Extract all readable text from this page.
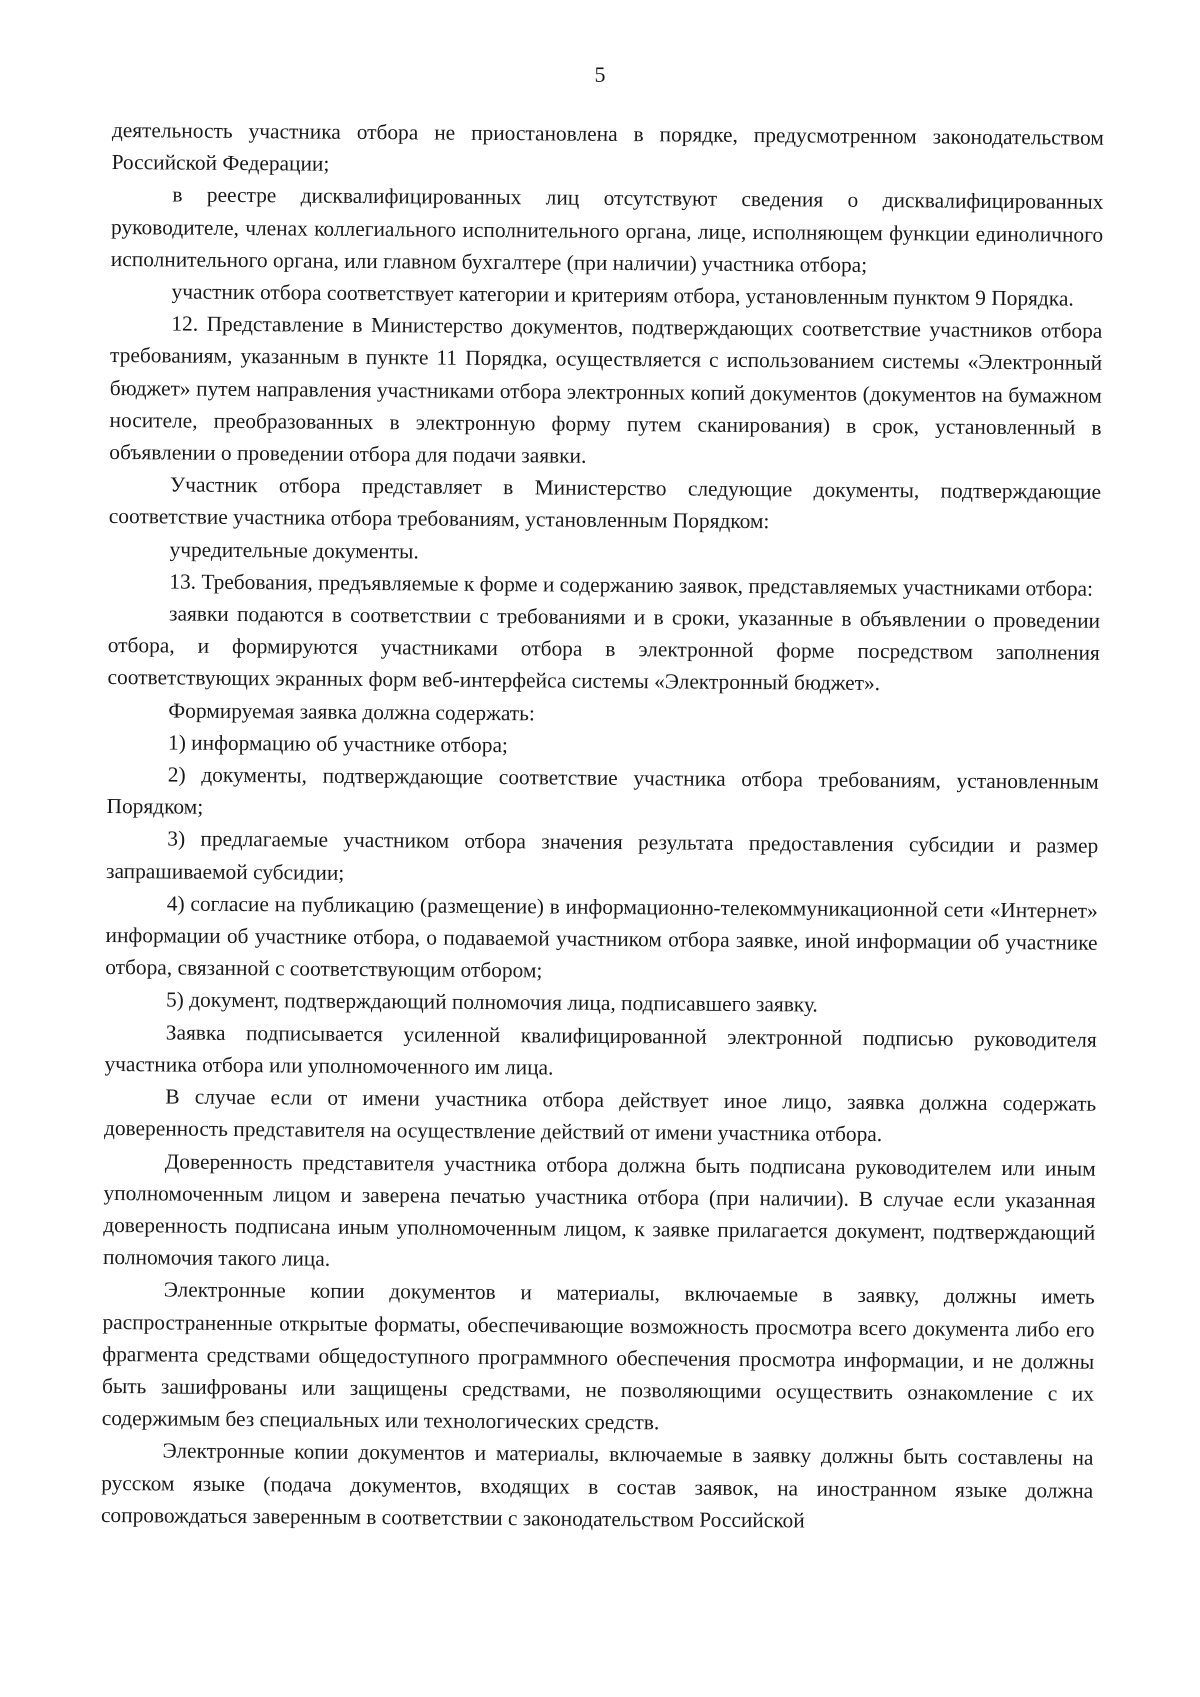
5

деятельность участника отбора не приостановлена в порядке, предусмотренном законодательством Российской Федерации;

в реестре дисквалифицированных лиц отсутствуют сведения о дисквалифицированных руководителе, членах коллегиального исполнительного органа, лице, исполняющем функции единоличного исполнительного органа, или главном бухгалтере (при наличии) участника отбора;

участник отбора соответствует категории и критериям отбора, установленным пунктом 9 Порядка.

12. Представление в Министерство документов, подтверждающих соответствие участников отбора требованиям, указанным в пункте 11 Порядка, осуществляется с использованием системы «Электронный бюджет» путем направления участниками отбора электронных копий документов (документов на бумажном носителе, преобразованных в электронную форму путем сканирования) в срок, установленный в объявлении о проведении отбора для подачи заявки.

Участник отбора представляет в Министерство следующие документы, подтверждающие соответствие участника отбора требованиям, установленным Порядком:

учредительные документы.

13. Требования, предъявляемые к форме и содержанию заявок, представляемых участниками отбора:

заявки подаются в соответствии с требованиями и в сроки, указанные в объявлении о проведении отбора, и формируются участниками отбора в электронной форме посредством заполнения соответствующих экранных форм веб-интерфейса системы «Электронный бюджет».

Формируемая заявка должна содержать:

1) информацию об участнике отбора;

2) документы, подтверждающие соответствие участника отбора требованиям, установленным Порядком;

3) предлагаемые участником отбора значения результата предоставления субсидии и размер запрашиваемой субсидии;

4) согласие на публикацию (размещение) в информационно-телекоммуникационной сети «Интернет» информации об участнике отбора, о подаваемой участником отбора заявке, иной информации об участнике отбора, связанной с соответствующим отбором;

5) документ, подтверждающий полномочия лица, подписавшего заявку.

Заявка подписывается усиленной квалифицированной электронной подписью руководителя участника отбора или уполномоченного им лица.

В случае если от имени участника отбора действует иное лицо, заявка должна содержать доверенность представителя на осуществление действий от имени участника отбора.

Доверенность представителя участника отбора должна быть подписана руководителем или иным уполномоченным лицом и заверена печатью участника отбора (при наличии). В случае если указанная доверенность подписана иным уполномоченным лицом, к заявке прилагается документ, подтверждающий полномочия такого лица.

Электронные копии документов и материалы, включаемые в заявку, должны иметь распространенные открытые форматы, обеспечивающие возможность просмотра всего документа либо его фрагмента средствами общедоступного программного обеспечения просмотра информации, и не должны быть зашифрованы или защищены средствами, не позволяющими осуществить ознакомление с их содержимым без специальных или технологических средств.

Электронные копии документов и материалы, включаемые в заявку должны быть составлены на русском языке (подача документов, входящих в состав заявок, на иностранном языке должна сопровождаться заверенным в соответствии с законодательством Российской
